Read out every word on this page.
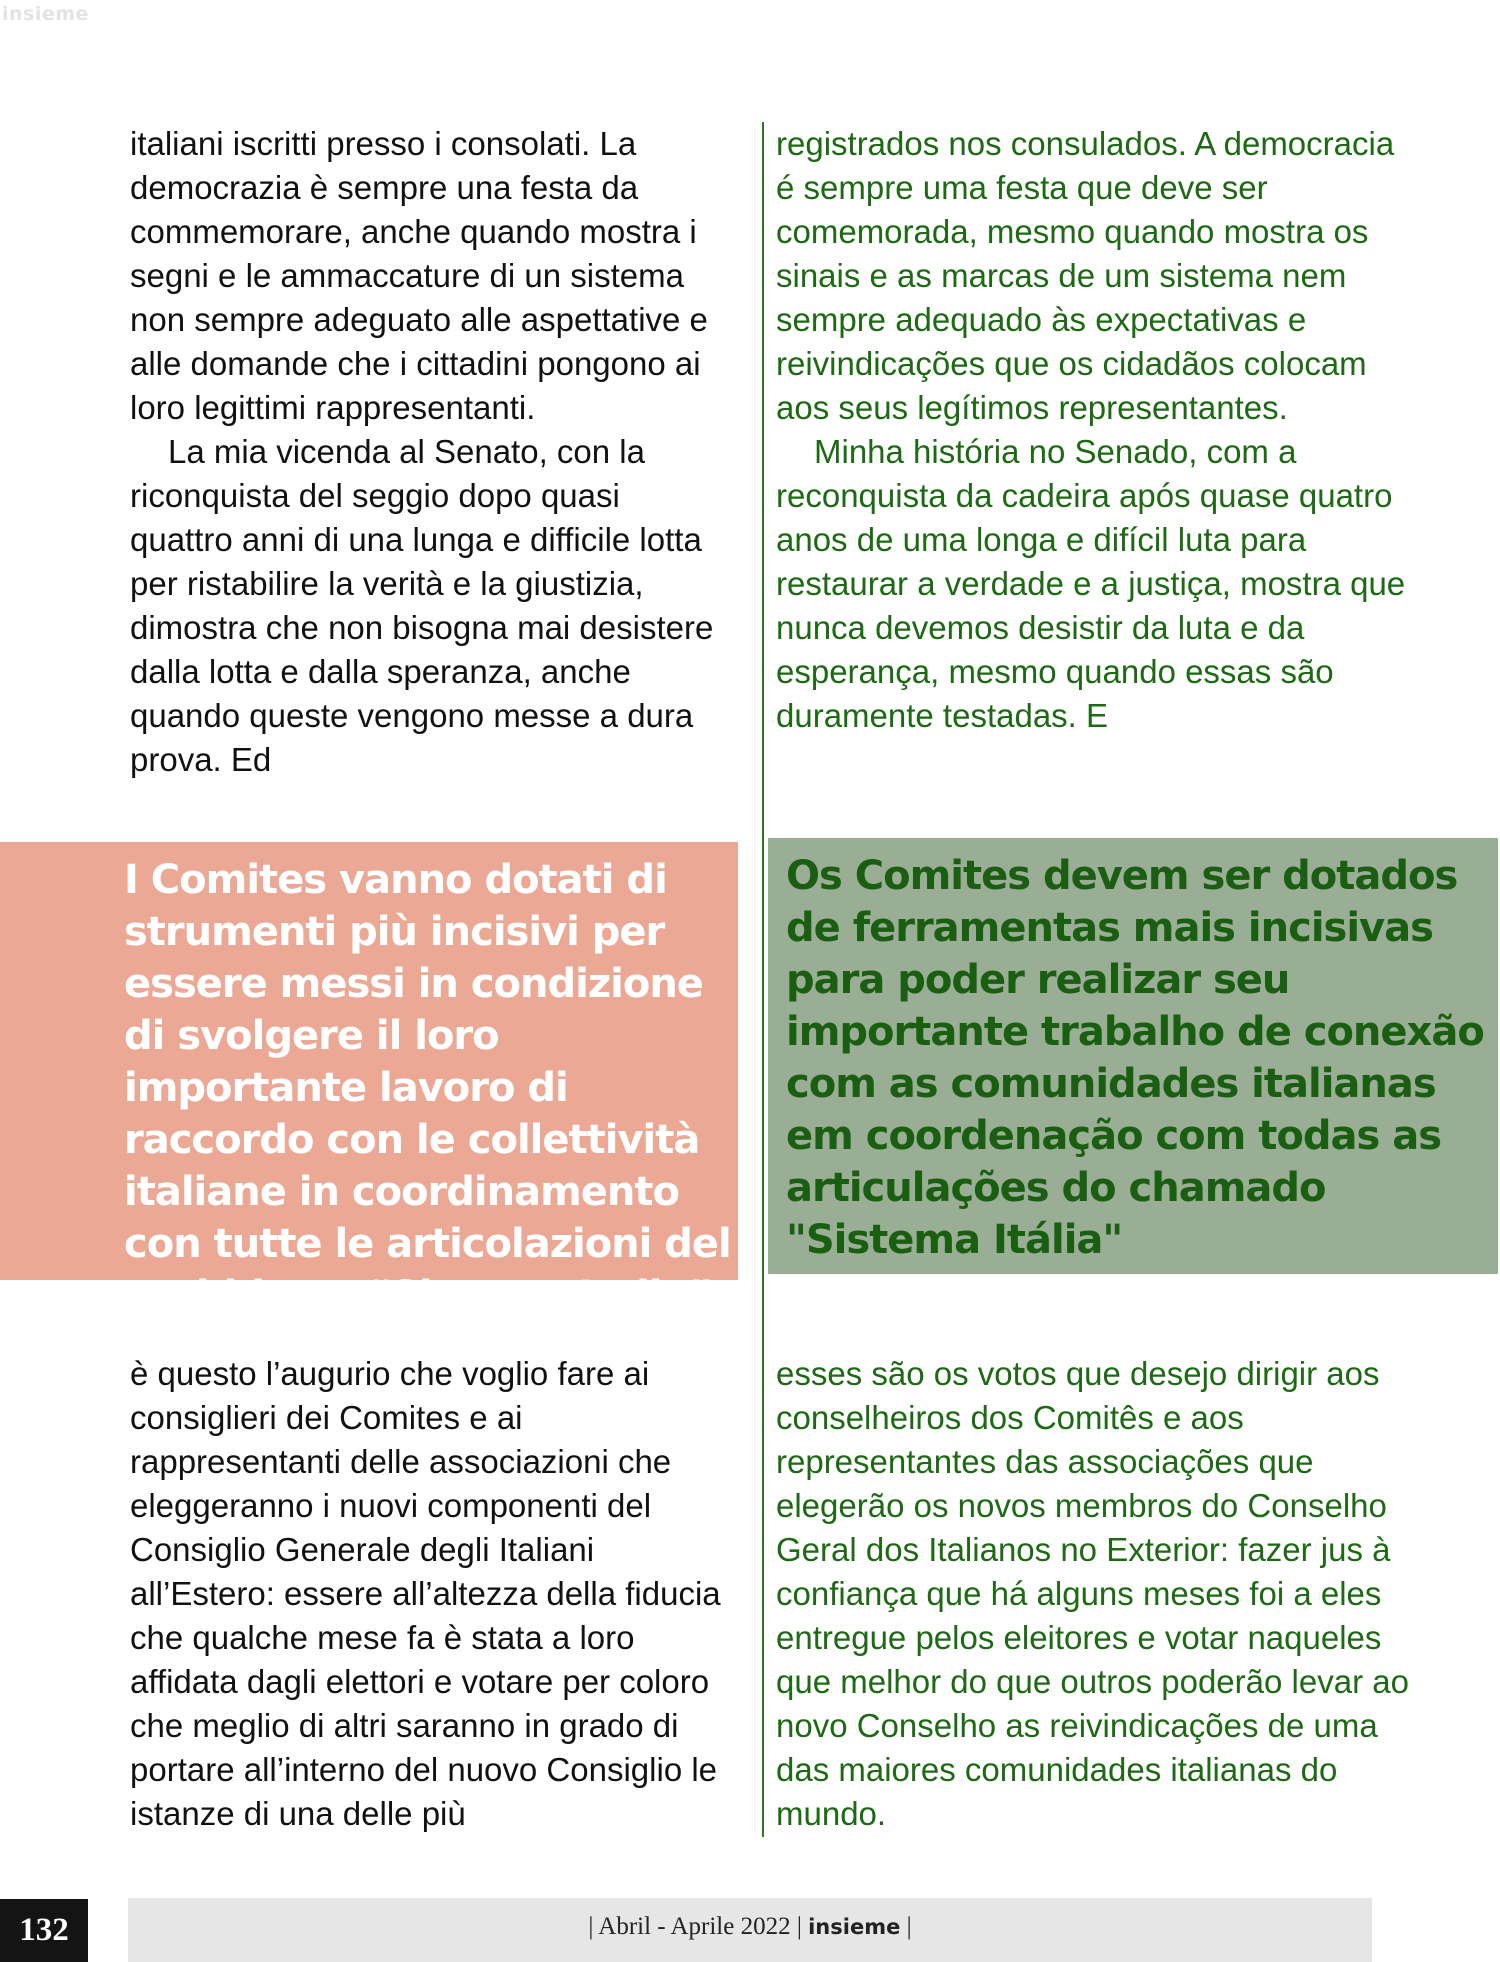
insieme

italiani iscritti presso i consolati. La democrazia è sempre una festa da commemorare, anche quando mostra i segni e le ammaccature di un sistema non sempre adeguato alle aspettative e alle domande che i cittadini pongono ai loro legittimi rappresentanti.

La mia vicenda al Senato, con la riconquista del seggio dopo quasi quattro anni di una lunga e difficile lotta per ristabilire la verità e la giustizia, dimostra che non bisogna mai desistere dalla lotta e dalla speranza, anche quando queste vengono messe a dura prova. Ed

registrados nos consulados. A democracia é sempre uma festa que deve ser comemorada, mesmo quando mostra os sinais e as marcas de um sistema nem sempre adequado às expectativas e reivindicações que os cidadãos colocam aos seus legítimos representantes.

Minha história no Senado, com a reconquista da cadeira após quase quatro anos de uma longa e difícil luta para restaurar a verdade e a justiça, mostra que nunca devemos desistir da luta e da esperança, mesmo quando essas são duramente testadas. E

I Comites vanno dotati di strumenti più incisivi per essere messi in condizione di svolgere il loro importante lavoro di raccordo con le collettività italiane in coordinamento con tutte le articolazioni del cosiddetto “Sistema Italia”

Os Comites devem ser dotados de ferramentas mais incisivas para poder realizar seu importante trabalho de conexão com as comunidades italianas em coordenação com todas as articulações do chamado "Sistema Itália"

è questo l’augurio che voglio fare ai consiglieri dei Comites e ai rappresentanti delle associazioni che eleggeranno i nuovi componenti del Consiglio Generale degli Italiani all’Estero: essere all’altezza della fiducia che qualche mese fa è stata a loro affidata dagli elettori e votare per coloro che meglio di altri saranno in grado di portare all’interno del nuovo Consiglio le istanze di una delle più

esses são os votos que desejo dirigir aos conselheiros dos Comitês e aos representantes das associações que elegerão os novos membros do Conselho Geral dos Italianos no Exterior: fazer jus à confiança que há alguns meses foi a eles entregue pelos eleitores e votar naqueles que melhor do que outros poderão levar ao novo Conselho as reivindicações de uma das maiores comunidades italianas do mundo.

132	| Abril - Aprile 2022 | insieme |
